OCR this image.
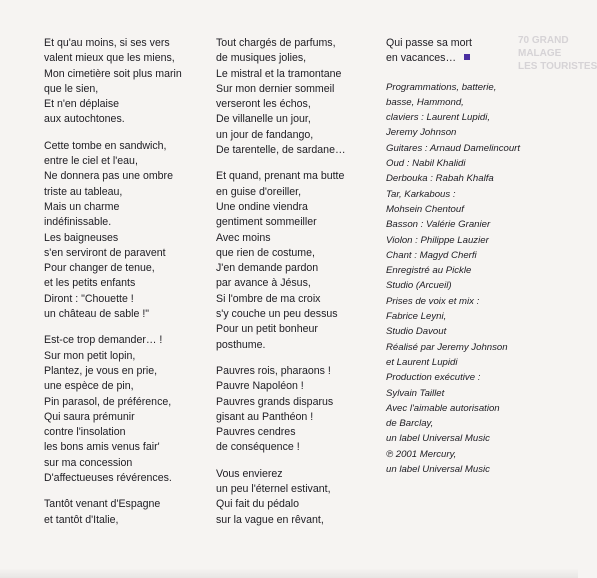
70 GRAND
MALAGE
LES TOURISTES

Et qu'au moins, si ses vers
valent mieux que les miens,
Mon cimetière soit plus marin
que le sien,
Et n'en déplaise
aux autochtones.

Cette tombe en sandwich,
entre le ciel et l'eau,
Ne donnera pas une ombre
triste au tableau,
Mais un charme
indéfinissable.
Les baigneuses
s'en serviront de paravent
Pour changer de tenue,
et les petits enfants
Diront : "Chouette !
un château de sable !"

Est-ce trop demander… !
Sur mon petit lopin,
Plantez, je vous en prie,
une espèce de pin,
Pin parasol, de préférence,
Qui saura prémunir
contre l'insolation
les bons amis venus fair'
sur ma concession
D'affectueuses révérences.

Tantôt venant d'Espagne
et tantôt d'Italie,

Tout chargés de parfums,
de musiques jolies,
Le mistral et la tramontane
Sur mon dernier sommeil
verseront les échos,
De villanelle un jour,
un jour de fandango,
De tarentelle, de sardane…

Et quand, prenant ma butte
en guise d'oreiller,
Une ondine viendra
gentiment sommeiller
Avec moins
que rien de costume,
J'en demande pardon
par avance à Jésus,
Si l'ombre de ma croix
s'y couche un peu dessus
Pour un petit bonheur
posthume.

Pauvres rois, pharaons !
Pauvre Napoléon !
Pauvres grands disparus
gisant au Panthéon !
Pauvres cendres
de conséquence !

Vous envierez
un peu l'éternel estivant,
Qui fait du pédalo
sur la vague en rêvant,

Qui passe sa mort
en vacances…

Programmations, batterie,
basse, Hammond,
claviers : Laurent Lupidi,
Jeremy Johnson
Guitares : Arnaud Damelincourt
Oud : Nabil Khalidi
Derbouka : Rabah Khalfa
Tar, Karkabous :
Mohsein Chentouf
Basson : Valérie Granier
Violon : Philippe Lauzier
Chant : Magyd Cherfi
Enregistré au Pickle
Studio (Arcueil)
Prises de voix et mix :
Fabrice Leyni,
Studio Davout
Réalisé par Jeremy Johnson
et Laurent Lupidi
Production exécutive :
Sylvain Taillet
Avec l'aimable autorisation
de Barclay,
un label Universal Music
℗ 2001 Mercury,
un label Universal Music
